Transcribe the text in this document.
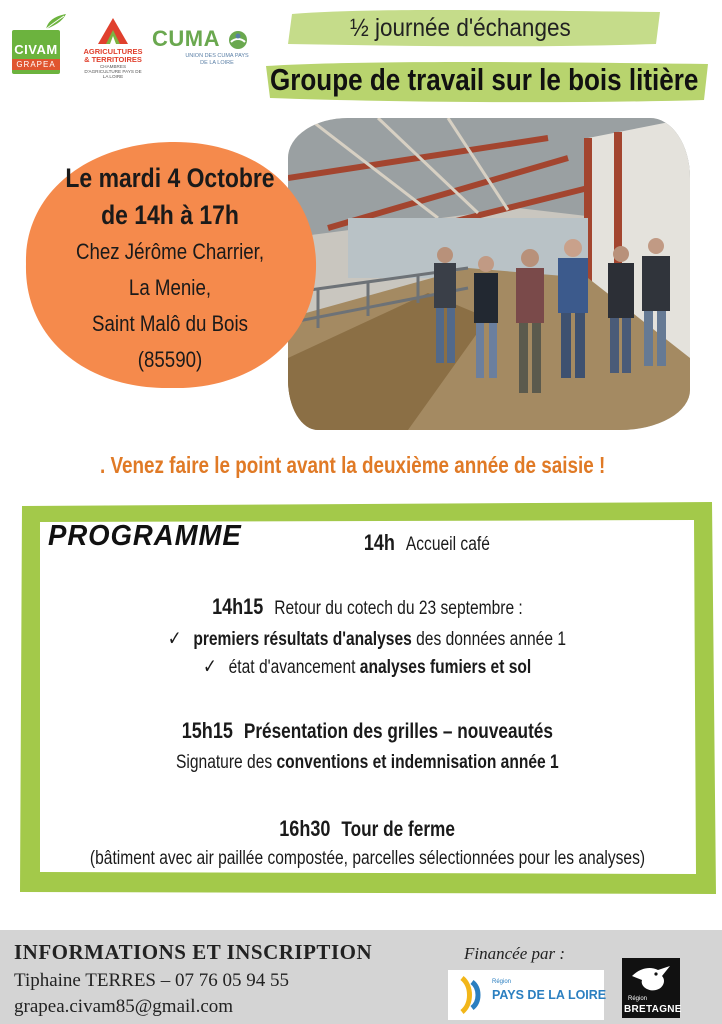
CIVAM
GRAPEA
AGRICULTURES & TERRITOIRES
CHAMBRES D'AGRICULTURE PAYS DE LA LOIRE
CUMA
UNION DES CUMA PAYS DE LA LOIRE
½ journée d'échanges
Groupe de travail sur le bois litière
Le mardi 4 Octobre
de 14h à 17h
Chez Jérôme Charrier,
La Menie,
Saint Malô du Bois
(85590)
. Venez faire le point avant la deuxième année de saisie !
PROGRAMME	14h Accueil café
14h15 Retour du cotech du 23 septembre :
✓ premiers résultats d'analyses des données année 1
✓ état d'avancement analyses fumiers et sol
15h15 Présentation des grilles – nouveautés
Signature des conventions et indemnisation année 1
16h30 Tour de ferme
(bâtiment avec air paillée compostée, parcelles sélectionnées pour les analyses)
INFORMATIONS ET INSCRIPTION
Tiphaine TERRES – 07 76 05 94 55
grapea.civam85@gmail.com
Financée par :
Région
PAYS DE LA LOIRE	Région
BRETAGNE
